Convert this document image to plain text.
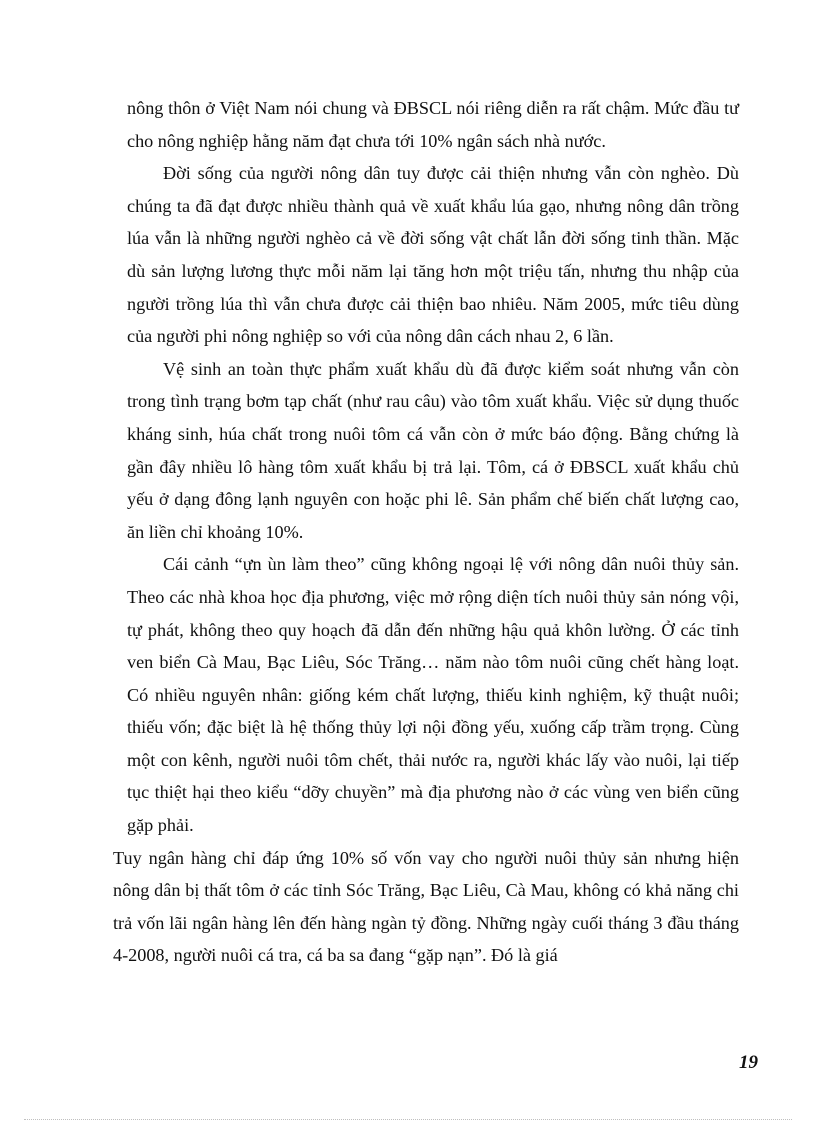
nông thôn ở Việt Nam nói chung và ĐBSCL nói riêng diễn ra rất chậm. Mức đầu tư cho nông nghiệp hằng năm đạt chưa tới 10% ngân sách nhà nước.

Đời sống của người nông dân tuy được cải thiện nhưng vẫn còn nghèo. Dù chúng ta đã đạt được nhiều thành quả về xuất khẩu lúa gạo, nhưng nông dân trồng lúa vẫn là những người nghèo cả về đời sống vật chất lẫn đời sống tinh thần. Mặc dù sản lượng lương thực mỗi năm lại tăng hơn một triệu tấn, nhưng thu nhập của người trồng lúa thì vẫn chưa được cải thiện bao nhiêu. Năm 2005, mức tiêu dùng của người phi nông nghiệp so với của nông dân cách nhau 2, 6 lần.

Vệ sinh an toàn thực phẩm xuất khẩu dù đã được kiểm soát nhưng vẫn còn trong tình trạng bơm tạp chất (như rau câu) vào tôm xuất khẩu. Việc sử dụng thuốc kháng sinh, húa chất trong nuôi tôm cá vẫn còn ở mức báo động. Bằng chứng là gần đây nhiều lô hàng tôm xuất khẩu bị trả lại. Tôm, cá ở ĐBSCL xuất khẩu chủ yếu ở dạng đông lạnh nguyên con hoặc phi lê. Sản phẩm chế biến chất lượng cao, ăn liền chỉ khoảng 10%.

Cái cảnh “ựn ùn làm theo” cũng không ngoại lệ với nông dân nuôi thủy sản. Theo các nhà khoa học địa phương, việc mở rộng diện tích nuôi thủy sản nóng vội, tự phát, không theo quy hoạch đã dẫn đến những hậu quả khôn lường. Ở các tỉnh ven biển Cà Mau, Bạc Liêu, Sóc Trăng… năm nào tôm nuôi cũng chết hàng loạt. Có nhiều nguyên nhân: giống kém chất lượng, thiếu kinh nghiệm, kỹ thuật nuôi; thiếu vốn; đặc biệt là hệ thống thủy lợi nội đồng yếu, xuống cấp trầm trọng. Cùng một con kênh, người nuôi tôm chết, thải nước ra, người khác lấy vào nuôi, lại tiếp tục thiệt hại theo kiểu “dỡy chuyền” mà địa phương nào ở các vùng ven biển cũng gặp phải.

Tuy ngân hàng chỉ đáp ứng 10% số vốn vay cho người nuôi thủy sản nhưng hiện nông dân bị thất tôm ở các tỉnh Sóc Trăng, Bạc Liêu, Cà Mau, không có khả năng chi trả vốn lãi ngân hàng lên đến hàng ngàn tỷ đồng. Những ngày cuối tháng 3 đầu tháng 4-2008, người nuôi cá tra, cá ba sa đang “gặp nạn”. Đó là giá

19
